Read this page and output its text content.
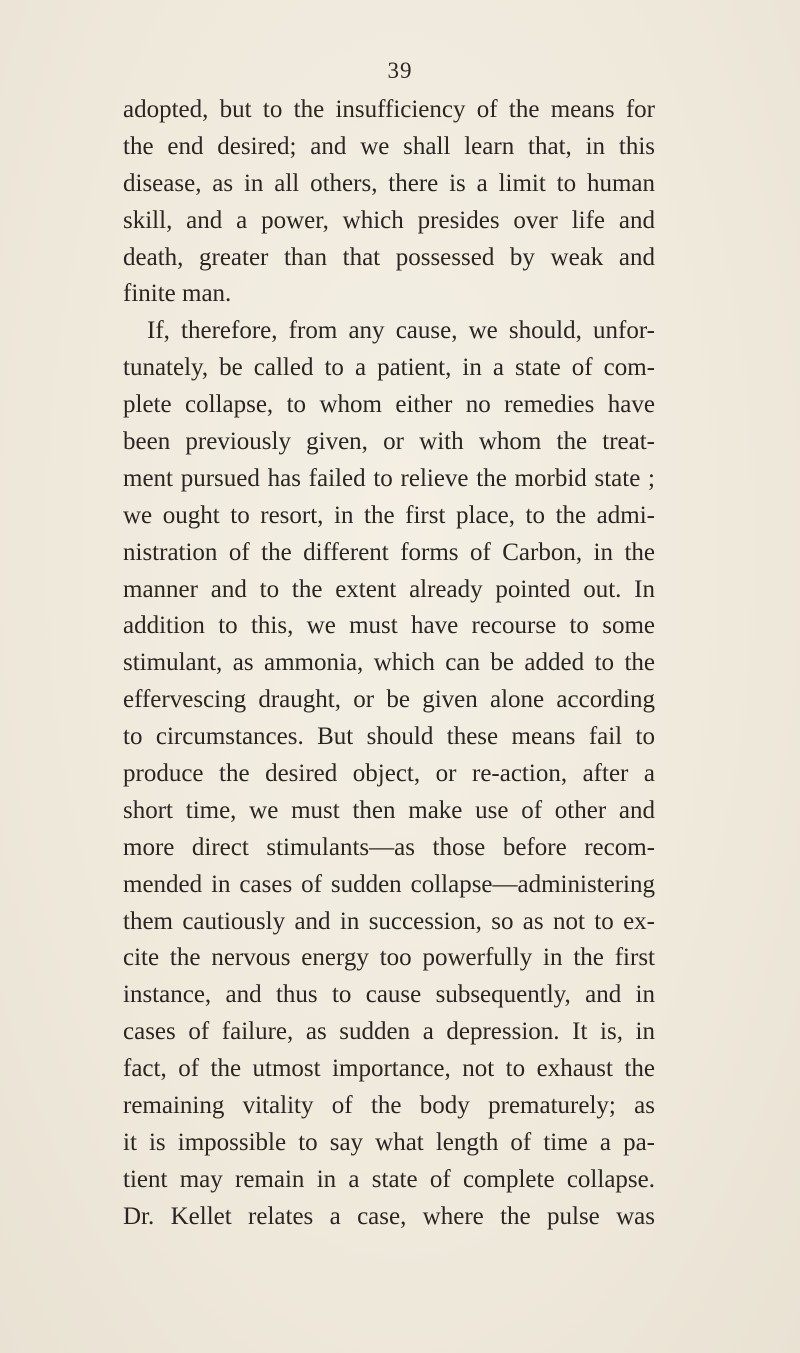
39
adopted, but to the insufficiency of the means for
the end desired; and we shall learn that, in this
disease, as in all others, there is a limit to human
skill, and a power, which presides over life and
death, greater than that possessed by weak and
finite man.
If, therefore, from any cause, we should, unfor-
tunately, be called to a patient, in a state of com-
plete collapse, to whom either no remedies have
been previously given, or with whom the treat-
ment pursued has failed to relieve the morbid state ;
we ought to resort, in the first place, to the admi-
nistration of the different forms of Carbon, in the
manner and to the extent already pointed out. In
addition to this, we must have recourse to some
stimulant, as ammonia, which can be added to the
effervescing draught, or be given alone according
to circumstances. But should these means fail to
produce the desired object, or re-action, after a
short time, we must then make use of other and
more direct stimulants—as those before recom-
mended in cases of sudden collapse—administering
them cautiously and in succession, so as not to ex-
cite the nervous energy too powerfully in the first
instance, and thus to cause subsequently, and in
cases of failure, as sudden a depression. It is, in
fact, of the utmost importance, not to exhaust the
remaining vitality of the body prematurely; as
it is impossible to say what length of time a pa-
tient may remain in a state of complete collapse.
Dr. Kellet relates a case, where the pulse was
